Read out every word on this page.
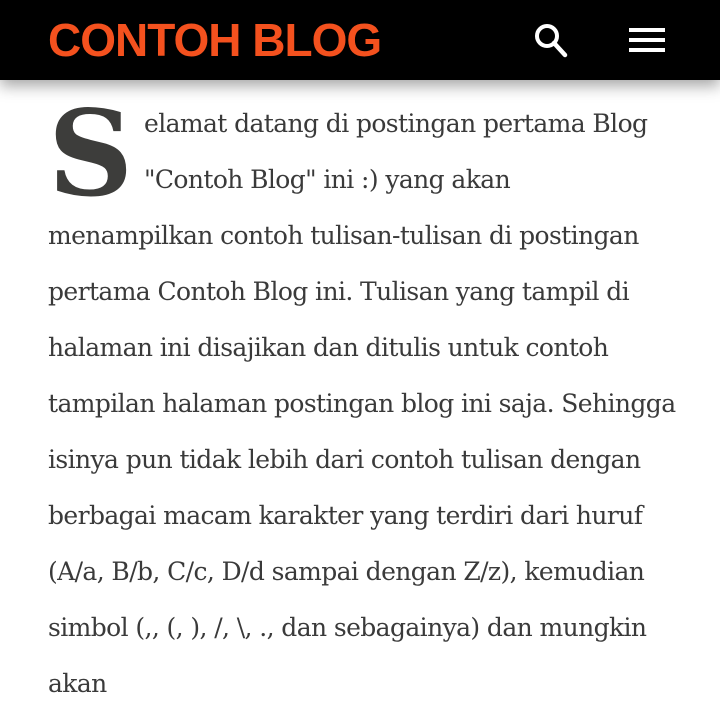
CONTOH BLOG
S elamat datang di postingan pertama Blog "Contoh Blog" ini :) yang akan menampilkan contoh tulisan-tulisan di postingan pertama Contoh Blog ini. Tulisan yang tampil di halaman ini disajikan dan ditulis untuk contoh tampilan halaman postingan blog ini saja. Sehingga isinya pun tidak lebih dari contoh tulisan dengan berbagai macam karakter yang terdiri dari huruf (A/a, B/b, C/c, D/d sampai dengan Z/z), kemudian simbol (,, (, ), /, \, ., dan sebagainya) dan mungkin akan
